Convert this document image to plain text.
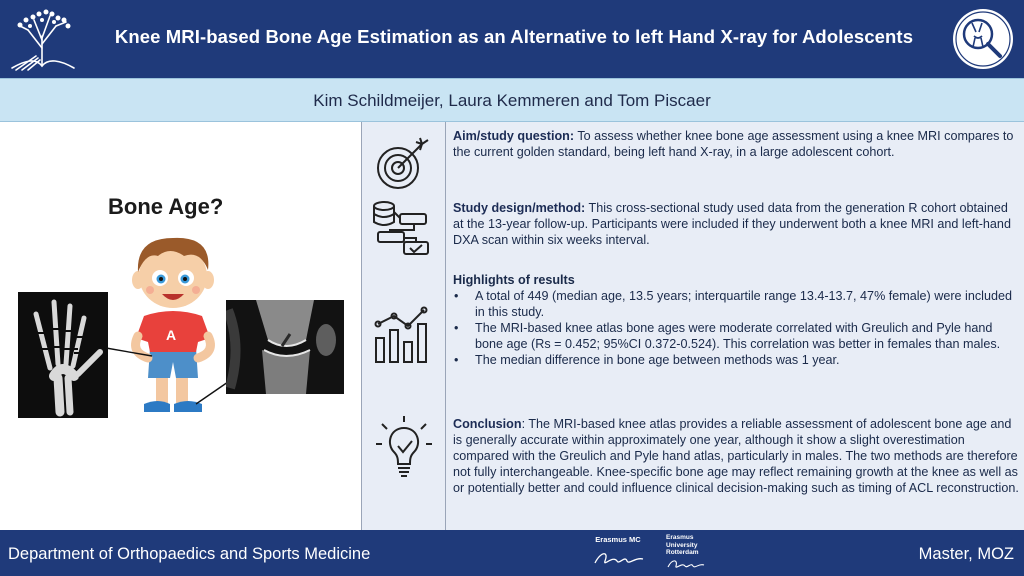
Knee MRI-based Bone Age Estimation as an Alternative to left Hand X-ray for Adolescents
Kim Schildmeijer, Laura Kemmeren and Tom Piscaer
Bone Age?
A

Aim/study question: To assess whether knee bone age assessment using a knee MRI compares to the current golden standard, being left hand X-ray, in a large adolescent cohort.

Study design/method: This cross-sectional study used data from the generation R cohort obtained at the 13-year follow-up. Participants were included if they underwent both a knee MRI and left-hand DXA scan within six weeks interval.

Highlights of results

• A total of 449 (median age, 13.5 years; interquartile range 13.4-13.7, 47% female) were included in this study.
• The MRI-based knee atlas bone ages were moderate correlated with Greulich and Pyle hand bone age (Rs = 0.452; 95%CI 0.372-0.524). This correlation was better in females than males.
• The median difference in bone age between methods was 1 year.

Conclusion: The MRI-based knee atlas provides a reliable assessment of adolescent bone age and is generally accurate within approximately one year, although it show a slight overestimation compared with the Greulich and Pyle hand atlas, particularly in males. The two methods are therefore not fully interchangeable. Knee-specific bone age may reflect remaining growth at the knee as well as or potentially better and could influence clinical decision-making such as timing of ACL reconstruction.

Department of Orthopaedics and Sports Medicine
Erasmus MC	Erasmus
University
Rotterdam	Master, MOZ
